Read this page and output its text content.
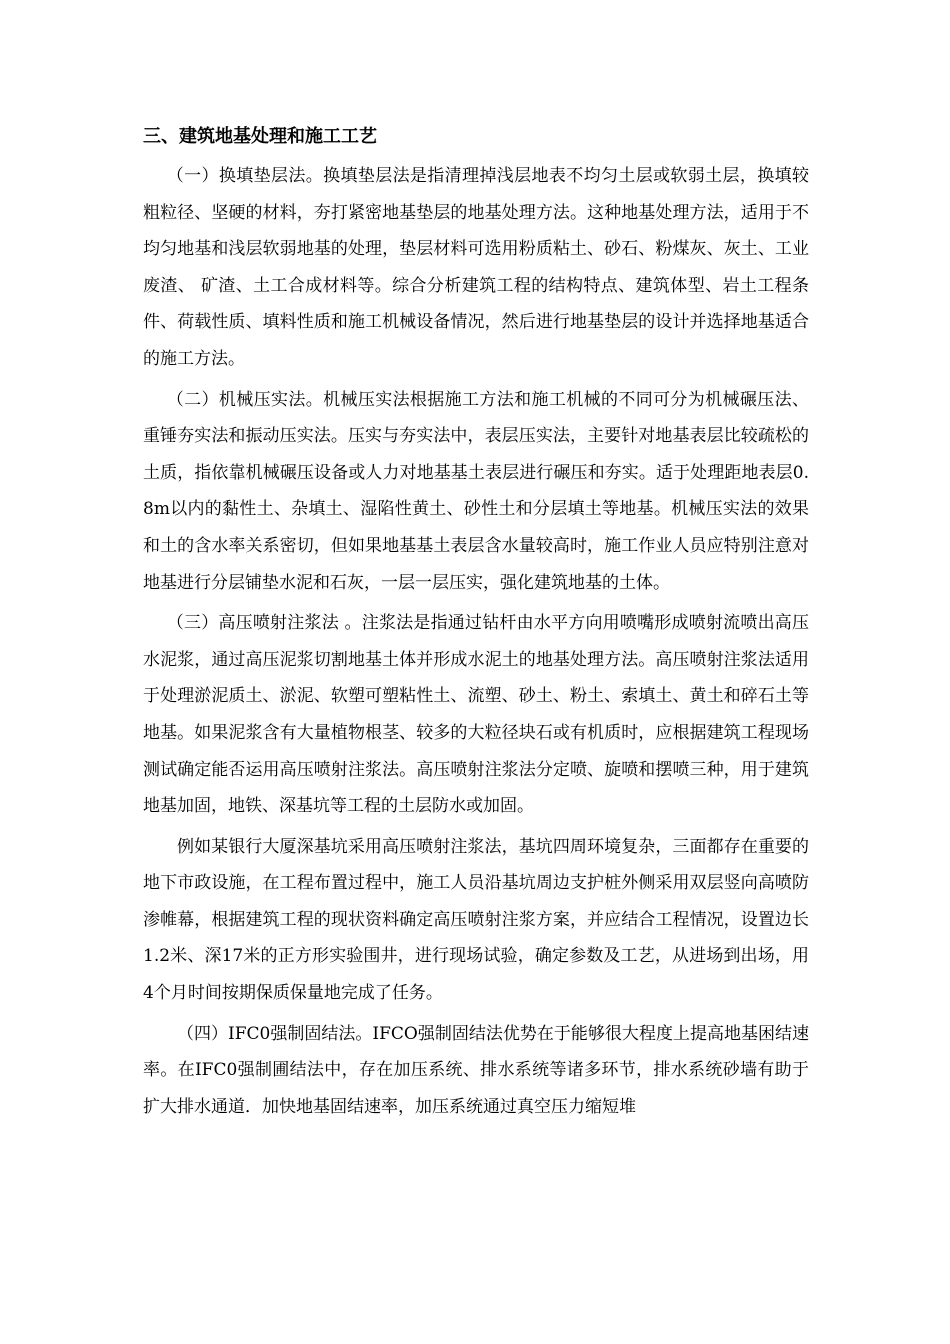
三、建筑地基处理和施工工艺

（一）换填垫层法。换填垫层法是指清理掉浅层地表不均匀土层或软弱土层，换填较粗粒径、坚硬的材料，夯打紧密地基垫层的地基处理方法。这种地基处理方法，适用于不均匀地基和浅层软弱地基的处理，垫层材料可选用粉质粘土、砂石、粉煤灰、灰土、工业废渣、 矿渣、土工合成材料等。综合分析建筑工程的结构特点、建筑体型、岩土工程条件、荷载性质、填料性质和施工机械设备情况，然后进行地基垫层的设计并选择地基适合的施工方法。

（二）机械压实法。机械压实法根据施工方法和施工机械的不同可分为机械碾压法、重锤夯实法和振动压实法。压实与夯实法中，表层压实法，主要针对地基表层比较疏松的土质，指依靠机械碾压设备或人力对地基基土表层进行碾压和夯实。适于处理距地表层0.8m以内的黏性土、杂填土、湿陷性黄土、砂性土和分层填土等地基。机械压实法的效果和土的含水率关系密切，但如果地基基土表层含水量较高时，施工作业人员应特别注意对地基进行分层铺垫水泥和石灰，一层一层压实，强化建筑地基的土体。

（三）高压喷射注浆法 。注浆法是指通过钻杆由水平方向用喷嘴形成喷射流喷出高压水泥浆，通过高压泥浆切割地基土体并形成水泥土的地基处理方法。高压喷射注浆法适用于处理淤泥质土、淤泥、软塑可塑粘性土、流塑、砂土、粉土、索填土、黄土和碎石土等地基。如果泥浆含有大量植物根茎、较多的大粒径块石或有机质时，应根据建筑工程现场测试确定能否运用高压喷射注浆法。高压喷射注浆法分定喷、旋喷和摆喷三种，用于建筑地基加固，地铁、深基坑等工程的土层防水或加固。

例如某银行大厦深基坑采用高压喷射注浆法，基坑四周环境复杂，三面都存在重要的地下市政设施，在工程布置过程中，施工人员沿基坑周边支护桩外侧采用双层竖向高喷防渗帷幕，根据建筑工程的现状资料确定高压喷射注浆方案，并应结合工程情况，设置边长1.2米、深17米的正方形实验围井，进行现场试验，确定参数及工艺，从进场到出场，用4个月时间按期保质保量地完成了任务。

（四）IFC0强制固结法。IFCO强制固结法优势在于能够很大程度上提高地基困结速率。在IFC0强制圃结法中，存在加压系统、排水系统等诸多环节，排水系统砂墙有助于扩大排水通道．加快地基固结速率，加压系统通过真空压力缩短堆
